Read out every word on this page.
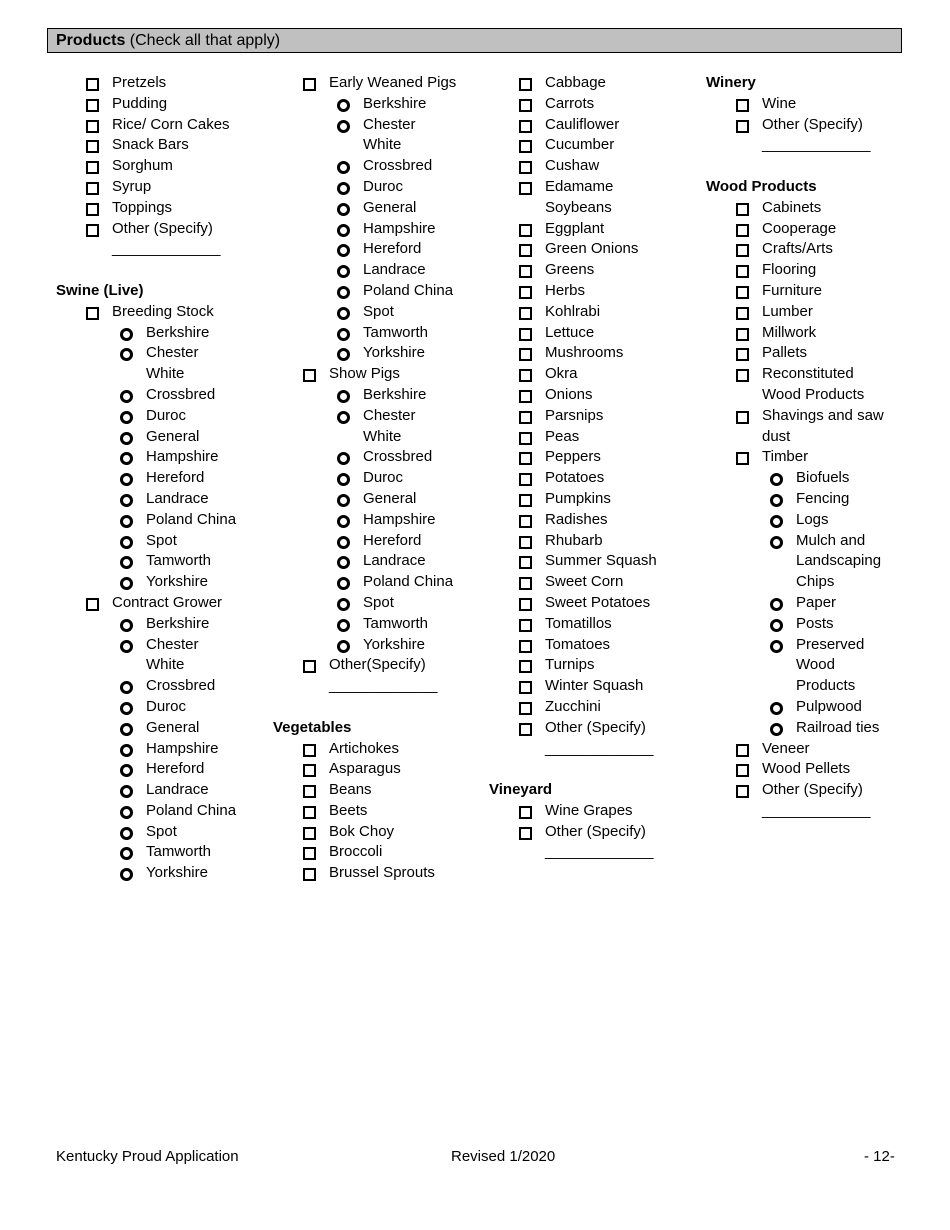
Products (Check all that apply)
Pretzels
Pudding
Rice/ Corn Cakes
Snack Bars
Sorghum
Syrup
Toppings
Other (Specify)
_____________
Swine (Live)
Breeding Stock
Berkshire
Chester
White
Crossbred
Duroc
General
Hampshire
Hereford
Landrace
Poland China
Spot
Tamworth
Yorkshire
Contract Grower
Berkshire
Chester
White
Crossbred
Duroc
General
Hampshire
Hereford
Landrace
Poland China
Spot
Tamworth
Yorkshire
Early Weaned Pigs
Berkshire
Chester
White
Crossbred
Duroc
General
Hampshire
Hereford
Landrace
Poland China
Spot
Tamworth
Yorkshire
Show Pigs
Berkshire
Chester
White
Crossbred
Duroc
General
Hampshire
Hereford
Landrace
Poland China
Spot
Tamworth
Yorkshire
Other(Specify)
_____________
Vegetables
Artichokes
Asparagus
Beans
Beets
Bok Choy
Broccoli
Brussel Sprouts
Cabbage
Carrots
Cauliflower
Cucumber
Cushaw
Edamame
Soybeans
Eggplant
Green Onions
Greens
Herbs
Kohlrabi
Lettuce
Mushrooms
Okra
Onions
Parsnips
Peas
Peppers
Potatoes
Pumpkins
Radishes
Rhubarb
Summer Squash
Sweet Corn
Sweet Potatoes
Tomatillos
Tomatoes
Turnips
Winter Squash
Zucchini
Other (Specify)
_____________
Vineyard
Wine Grapes
Other (Specify)
_____________
Winery
Wine
Other (Specify)
_____________
Wood Products
Cabinets
Cooperage
Crafts/Arts
Flooring
Furniture
Lumber
Millwork
Pallets
Reconstituted
Wood Products
Shavings and saw
dust
Timber
Biofuels
Fencing
Logs
Mulch and
Landscaping
Chips
Paper
Posts
Preserved
Wood
Products
Pulpwood
Railroad ties
Veneer
Wood Pellets
Other (Specify)
_____________
Kentucky Proud Application	Revised 1/2020	- 12-
